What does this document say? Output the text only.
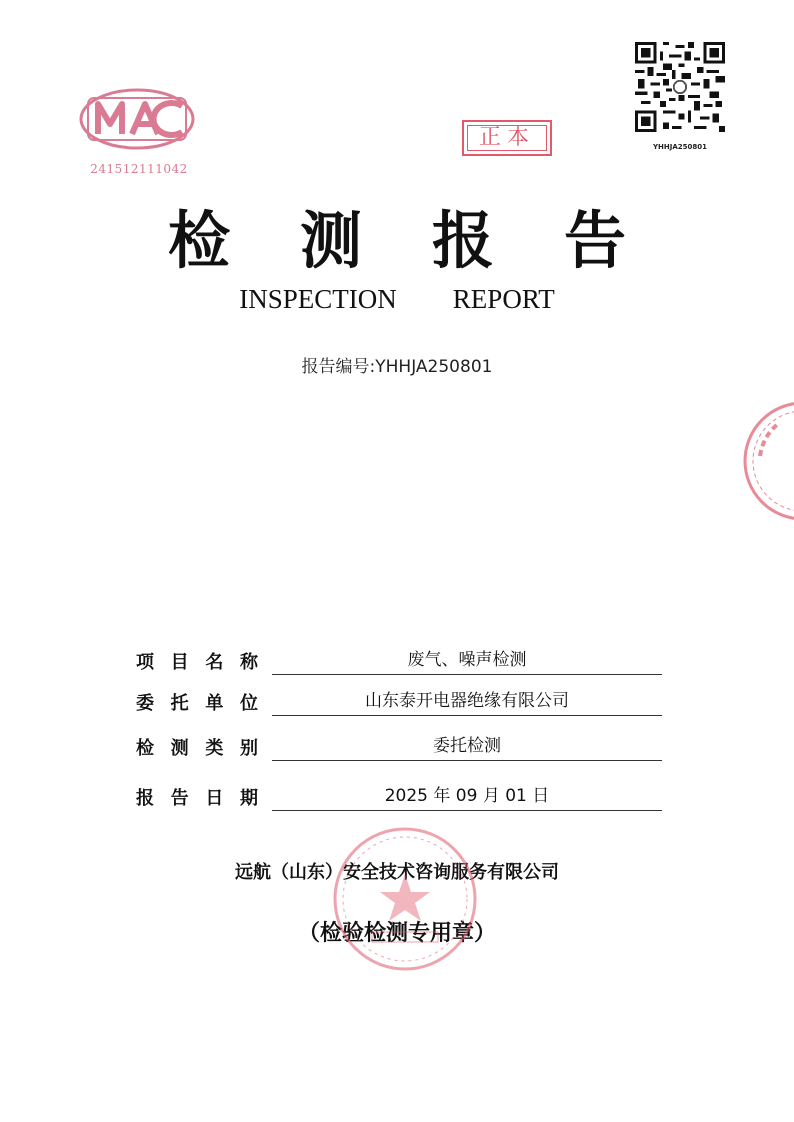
241512111042
正本	YHHJA250801
检测报告
INSPECTION REPORT
报告编号:YHHJA250801
项 目 名 称	废气、噪声检测
委 托 单 位	山东泰开电器绝缘有限公司
检 测 类 别	委托检测
报 告 日 期	2025 年 09 月 01 日
远航（山东）安全技术咨询服务有限公司
（检验检测专用章）
